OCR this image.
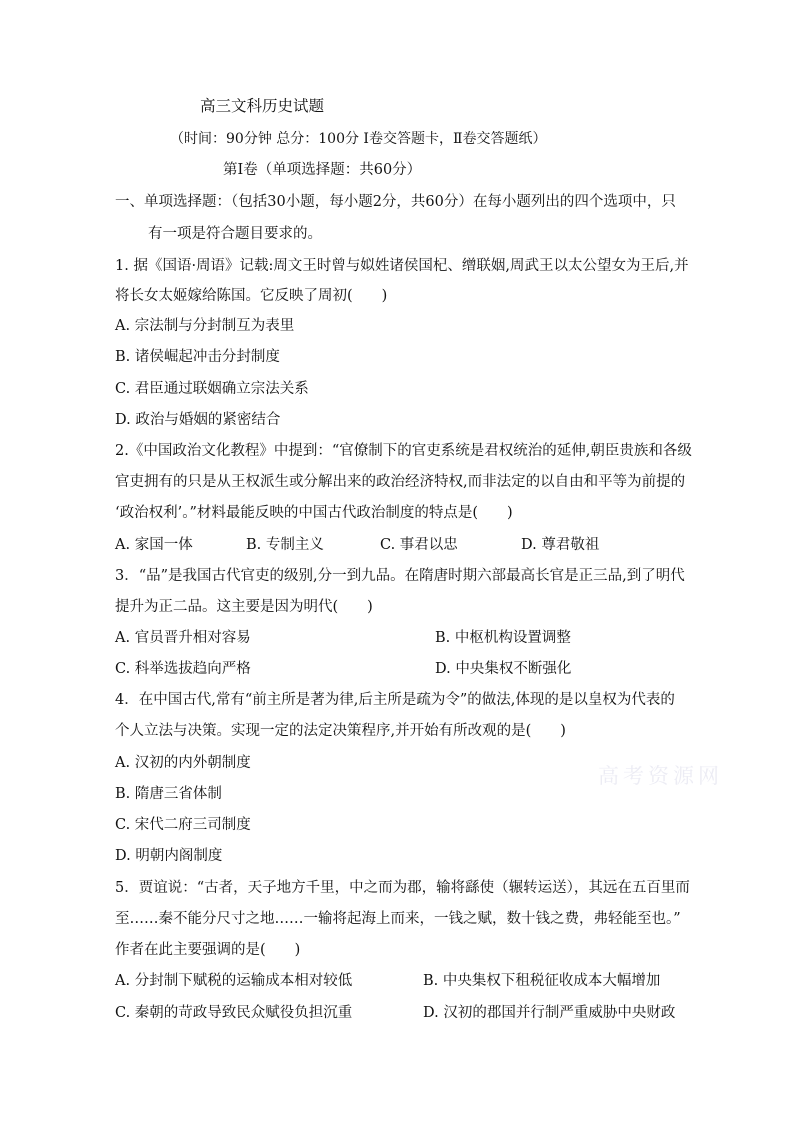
高三文科历史试题
（时间：90分钟 总分：100分 Ⅰ卷交答题卡，Ⅱ卷交答题纸）
第Ⅰ卷（单项选择题：共60分）
一、单项选择题：（包括30小题，每小题2分，共60分）在每小题列出的四个选项中，只
有一项是符合题目要求的。
1. 据《国语·周语》记载:周文王时曾与姒姓诸侯国杞、缯联姻,周武王以太公望女为王后,并
将长女太姬嫁给陈国。它反映了周初(　　)
A. 宗法制与分封制互为表里
B. 诸侯崛起冲击分封制度
C. 君臣通过联姻确立宗法关系
D. 政治与婚姻的紧密结合
2.《中国政治文化教程》中提到：“官僚制下的官吏系统是君权统治的延伸,朝臣贵族和各级
官吏拥有的只是从王权派生或分解出来的政治经济特权,而非法定的以自由和平等为前提的
‘政治权利’。”材料最能反映的中国古代政治制度的特点是(　　)
A. 家国一体	B. 专制主义	C. 事君以忠	D. 尊君敬祖
3．“品”是我国古代官吏的级别,分一到九品。在隋唐时期六部最高长官是正三品,到了明代
提升为正二品。这主要是因为明代(　　)
A. 官员晋升相对容易	B. 中枢机构设置调整
C. 科举选拔趋向严格	D. 中央集权不断强化
4．在中国古代,常有“前主所是著为律,后主所是疏为令”的做法,体现的是以皇权为代表的
个人立法与决策。实现一定的法定决策程序,并开始有所改观的是(　　)
A. 汉初的内外朝制度
B. 隋唐三省体制
C. 宋代二府三司制度
D. 明朝内阁制度
5．贾谊说：“古者，天子地方千里，中之而为郡，输将繇使（辗转运送），其远在五百里而
至……秦不能分尺寸之地……一输将起海上而来，一钱之赋，数十钱之费，弗轻能至也。”
作者在此主要强调的是(　　)
A. 分封制下赋税的运输成本相对较低	B. 中央集权下租税征收成本大幅增加
C. 秦朝的苛政导致民众赋役负担沉重	D. 汉初的郡国并行制严重威胁中央财政
高考资源网
